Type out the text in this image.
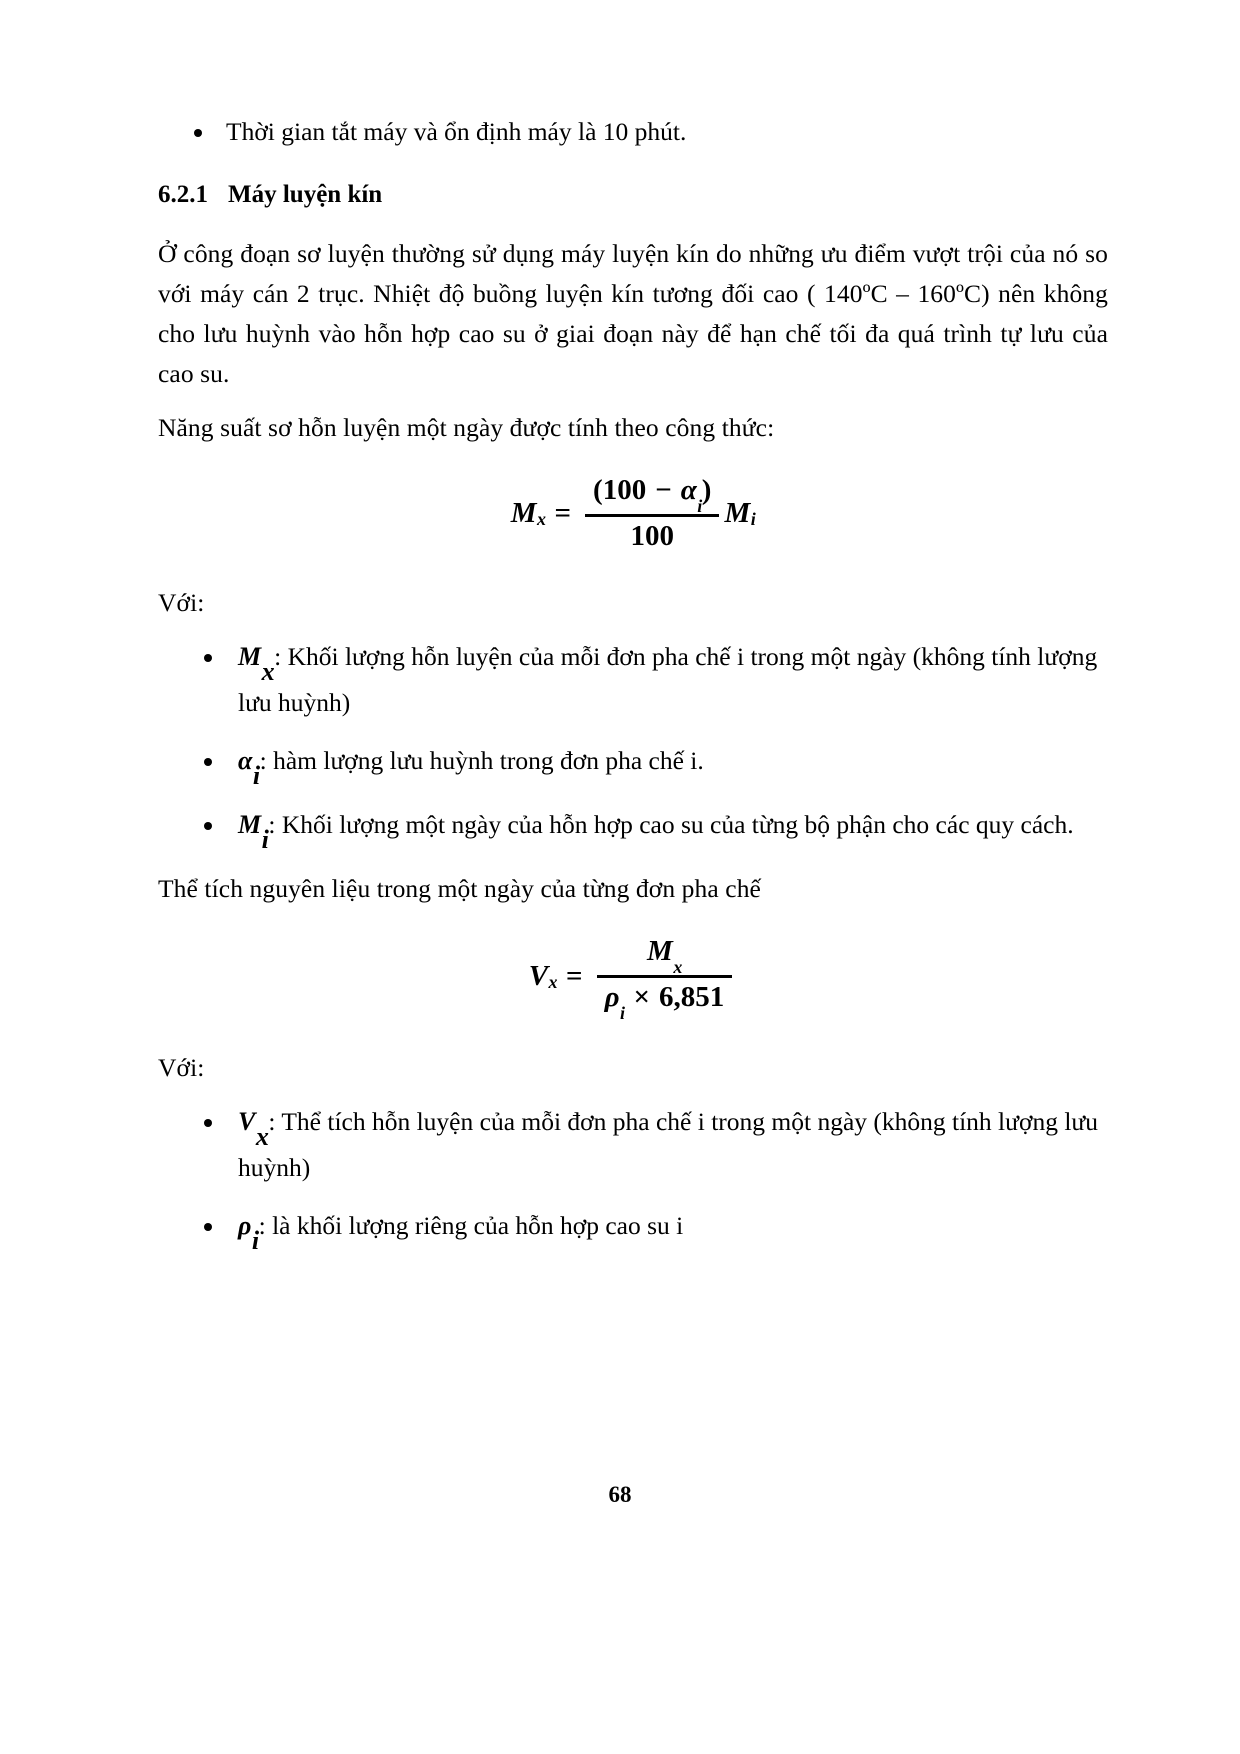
Thời gian tắt máy và ổn định máy là 10 phút.
6.2.1 Máy luyện kín

Ở công đoạn sơ luyện thường sử dụng máy luyện kín do những ưu điểm vượt trội của nó so với máy cán 2 trục. Nhiệt độ buồng luyện kín tương đối cao ( 140ºC – 160ºC) nên không cho lưu huỳnh vào hỗn hợp cao su ở giai đoạn này để hạn chế tối đa quá trình tự lưu của cao su.

Năng suất sơ hỗn luyện một ngày được tính theo công thức:

M $x = \frac{(100 - \alpha_i)}{100}$ M i

Với:

Mx: Khối lượng hỗn luyện của mỗi đơn pha chế i trong một ngày (không tính lượng lưu huỳnh)
αi: hàm lượng lưu huỳnh trong đơn pha chế i.
Mi: Khối lượng một ngày của hỗn hợp cao su của từng bộ phận cho các quy cách.

Thể tích nguyên liệu trong một ngày của từng đơn pha chế

V $x = \frac{M_x}{\rho_i \times 6,851}$

Với:

Vx: Thể tích hỗn luyện của mỗi đơn pha chế i trong một ngày (không tính lượng lưu huỳnh)
ρi: là khối lượng riêng của hỗn hợp cao su i
68
